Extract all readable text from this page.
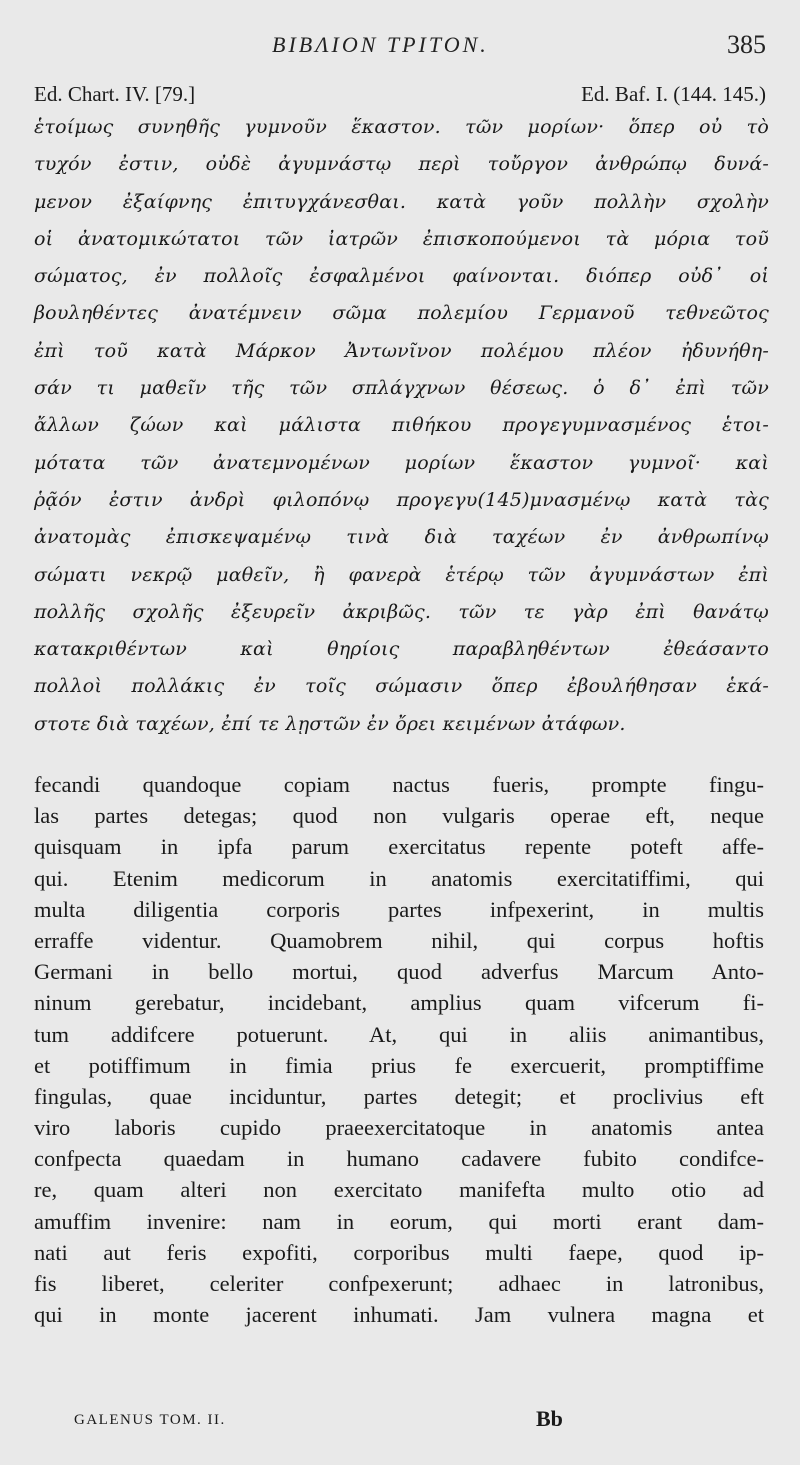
ΒΙΒΛΙΟΝ ΤΡΙΤΟΝ.	385
Ed. Chart. IV. [79.]	Ed. Baf. I. (144. 145.)
ἑτοίμως συνηθῆς γυμνοῦν ἕκαστον. τῶν μορίων· ὅπερ οὐ τὸ
τυχόν ἐστιν, οὐδὲ ἀγυμνάστῳ περὶ τοὔργον ἀνθρώπῳ δυνά-
μενον ἐξαίφνης ἐπιτυγχάνεσθαι. κατὰ γοῦν πολλὴν σχολὴν
οἱ ἀνατομικώτατοι τῶν ἰατρῶν ἐπισκοπούμενοι τὰ μόρια τοῦ
σώματος, ἐν πολλοῖς ἐσφαλμένοι φαίνονται. διόπερ οὐδ᾽ οἱ
βουληθέντες ἀνατέμνειν σῶμα πολεμίου Γερμανοῦ τεθνεῶτος
ἐπὶ τοῦ κατὰ Μάρκον Ἀντωνῖνον πολέμου πλέον ἠδυνήθη-
σάν τι μαθεῖν τῆς τῶν σπλάγχνων θέσεως. ὁ δ᾽ ἐπὶ τῶν
ἄλλων ζώων καὶ μάλιστα πιθήκου προγεγυμνασμένος ἑτοι-
μότατα τῶν ἀνατεμνομένων μορίων ἕκαστον γυμνοῖ· καὶ
ῥᾷόν ἐστιν ἀνδρὶ φιλοπόνῳ προγεγυ(145)μνασμένῳ κατὰ τὰς
ἀνατομὰς ἐπισκεψαμένῳ τινὰ διὰ ταχέων ἐν ἀνθρωπίνῳ
σώματι νεκρῷ μαθεῖν, ἢ φανερὰ ἑτέρῳ τῶν ἀγυμνάστων ἐπὶ
πολλῆς σχολῆς ἐξευρεῖν ἀκριβῶς. τῶν τε γὰρ ἐπὶ θανάτῳ
κατακριθέντων καὶ θηρίοις παραβληθέντων ἐθεάσαντο
πολλοὶ πολλάκις ἐν τοῖς σώμασιν ὅπερ ἐβουλήθησαν ἑκά-
στοτε διὰ ταχέων, ἐπί τε λῃστῶν ἐν ὄρει κειμένων ἀτάφων.
fecandi quandoque copiam nactus fueris, prompte fingu-
las partes detegas; quod non vulgaris operae eft, neque
quisquam in ipfa parum exercitatus repente poteft affe-
qui. Etenim medicorum in anatomis exercitatiffimi, qui
multa diligentia corporis partes infpexerint, in multis
erraffe videntur. Quamobrem nihil, qui corpus hoftis
Germani in bello mortui, quod adverfus Marcum Anto-
ninum gerebatur, incidebant, amplius quam vifcerum fi-
tum addifcere potuerunt. At, qui in aliis animantibus,
et potiffimum in fimia prius fe exercuerit, promptiffime
fingulas, quae inciduntur, partes detegit; et proclivius eft
viro laboris cupido praeexercitatoque in anatomis antea
confpecta quaedam in humano cadavere fubito condifce-
re, quam alteri non exercitato manifefta multo otio ad
amuffim invenire: nam in eorum, qui morti erant dam-
nati aut feris expofiti, corporibus multi faepe, quod ip-
fis liberet, celeriter confpexerunt; adhaec in latronibus,
qui in monte jacerent inhumati. Jam vulnera magna et
GALENUS TOM. II.	Bb
